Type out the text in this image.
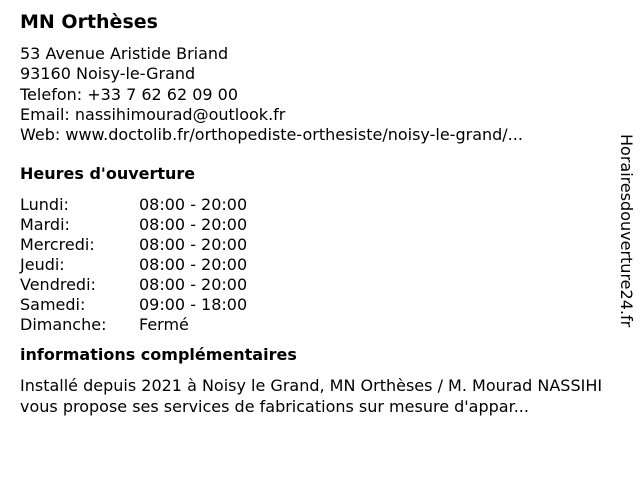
MN Orthèses
53 Avenue Aristide Briand
93160 Noisy-le-Grand
Telefon: +33 7 62 62 09 00
Email: nassihimourad@outlook.fr
Web: www.doctolib.fr/orthopediste-orthesiste/noisy-le-grand/...
Heures d'ouverture
Lundi:	08:00 - 20:00
Mardi:	08:00 - 20:00
Mercredi:	08:00 - 20:00
Jeudi:	08:00 - 20:00
Vendredi:	08:00 - 20:00
Samedi:	09:00 - 18:00
Dimanche:	Fermé
informations complémentaires
Installé depuis 2021 à Noisy le Grand, MN Orthèses / M. Mourad NASSIHI vous propose ses services de fabrications sur mesure d'appar...
Horairesdouverture24.fr
